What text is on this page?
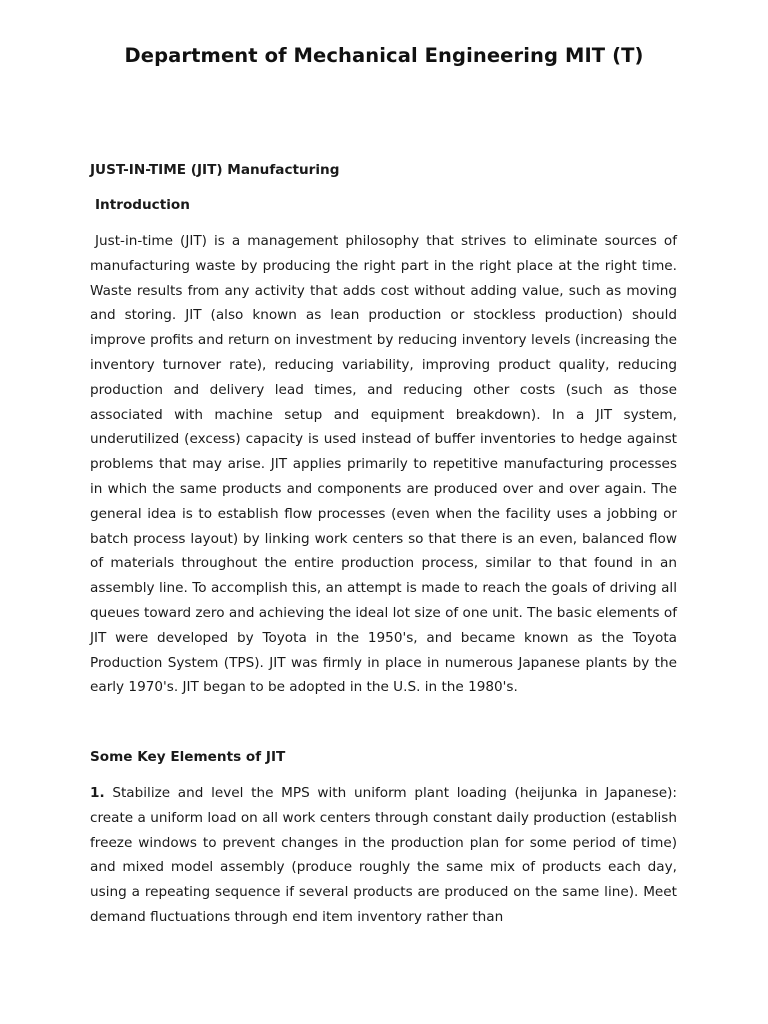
Department of Mechanical Engineering MIT (T)
JUST-IN-TIME (JIT) Manufacturing
Introduction

Just-in-time (JIT) is a management philosophy that strives to eliminate sources of manufacturing waste by producing the right part in the right place at the right time. Waste results from any activity that adds cost without adding value, such as moving and storing. JIT (also known as lean production or stockless production) should improve profits and return on investment by reducing inventory levels (increasing the inventory turnover rate), reducing variability, improving product quality, reducing production and delivery lead times, and reducing other costs (such as those associated with machine setup and equipment breakdown). In a JIT system, underutilized (excess) capacity is used instead of buffer inventories to hedge against problems that may arise. JIT applies primarily to repetitive manufacturing processes in which the same products and components are produced over and over again. The general idea is to establish flow processes (even when the facility uses a jobbing or batch process layout) by linking work centers so that there is an even, balanced flow of materials throughout the entire production process, similar to that found in an assembly line. To accomplish this, an attempt is made to reach the goals of driving all queues toward zero and achieving the ideal lot size of one unit. The basic elements of JIT were developed by Toyota in the 1950's, and became known as the Toyota Production System (TPS). JIT was firmly in place in numerous Japanese plants by the early 1970's. JIT began to be adopted in the U.S. in the 1980's.

Some Key Elements of JIT

1. Stabilize and level the MPS with uniform plant loading (heijunka in Japanese): create a uniform load on all work centers through constant daily production (establish freeze windows to prevent changes in the production plan for some period of time) and mixed model assembly (produce roughly the same mix of products each day, using a repeating sequence if several products are produced on the same line). Meet demand fluctuations through end item inventory rather than
